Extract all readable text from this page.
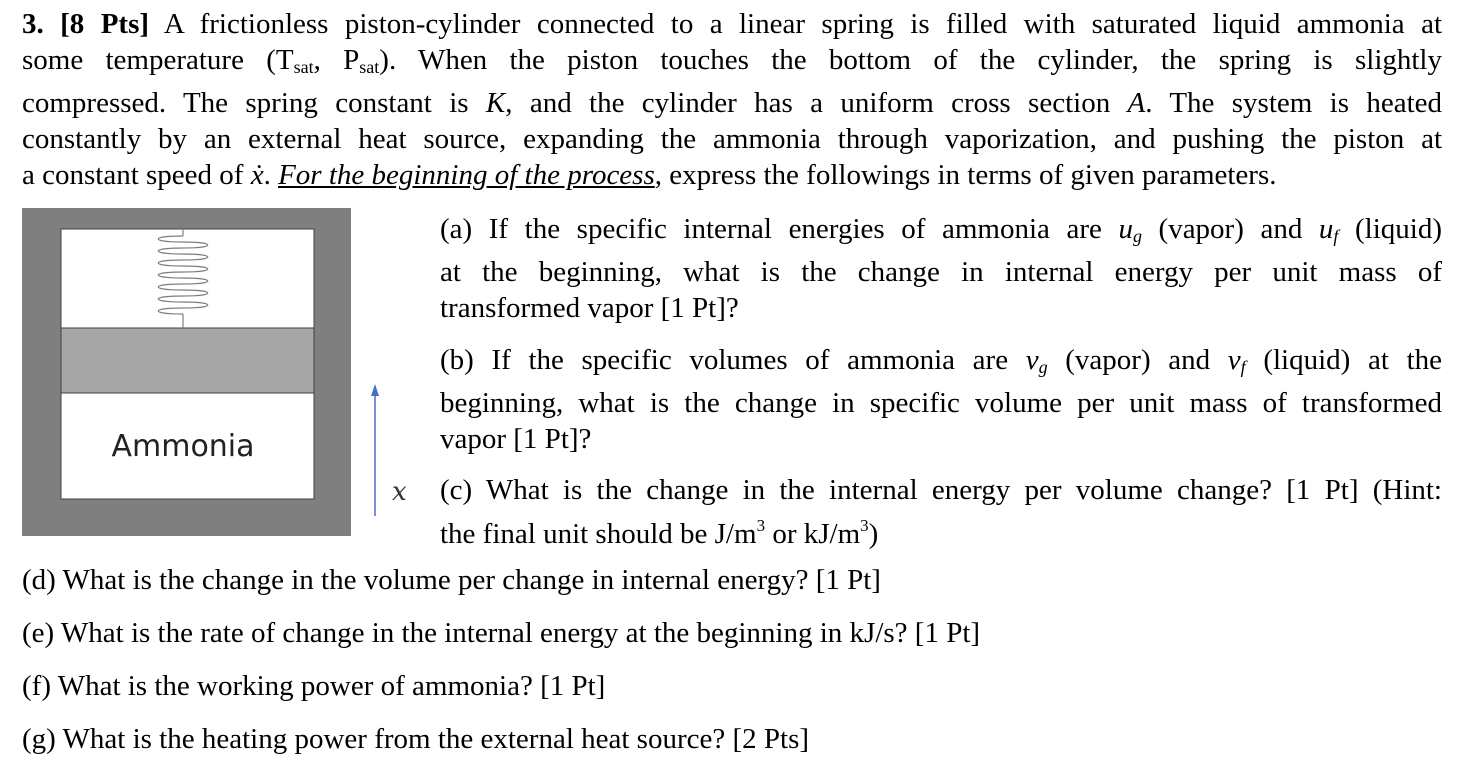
3. [8 Pts] A frictionless piston-cylinder connected to a linear spring is filled with saturated liquid ammonia at
some temperature ($T_{sat}$, $P_{sat}$). When the piston touches the bottom of the cylinder, the spring is slightly
compressed. The spring constant is K, and the cylinder has a uniform cross section A. The system is heated
constantly by an external heat source, expanding the ammonia through vaporization, and pushing the piston at
a constant speed of ẋ. For the beginning of the process, express the followings in terms of given parameters.
Ammonia
x
(a) If the specific internal energies of ammonia are $u_g$ (vapor) and $u_f$ (liquid)
at the beginning, what is the change in internal energy per unit mass of
transformed vapor [1 Pt]?
(b) If the specific volumes of ammonia are $v_g$ (vapor) and $v_f$ (liquid) at the
beginning, what is the change in specific volume per unit mass of transformed
vapor [1 Pt]?
(c) What is the change in the internal energy per volume change? [1 Pt] (Hint:
the final unit should be $J/m^3$ or $kJ/m^3$)
(d) What is the change in the volume per change in internal energy? [1 Pt]
(e) What is the rate of change in the internal energy at the beginning in kJ/s? [1 Pt]
(f) What is the working power of ammonia? [1 Pt]
(g) What is the heating power from the external heat source? [2 Pts]
